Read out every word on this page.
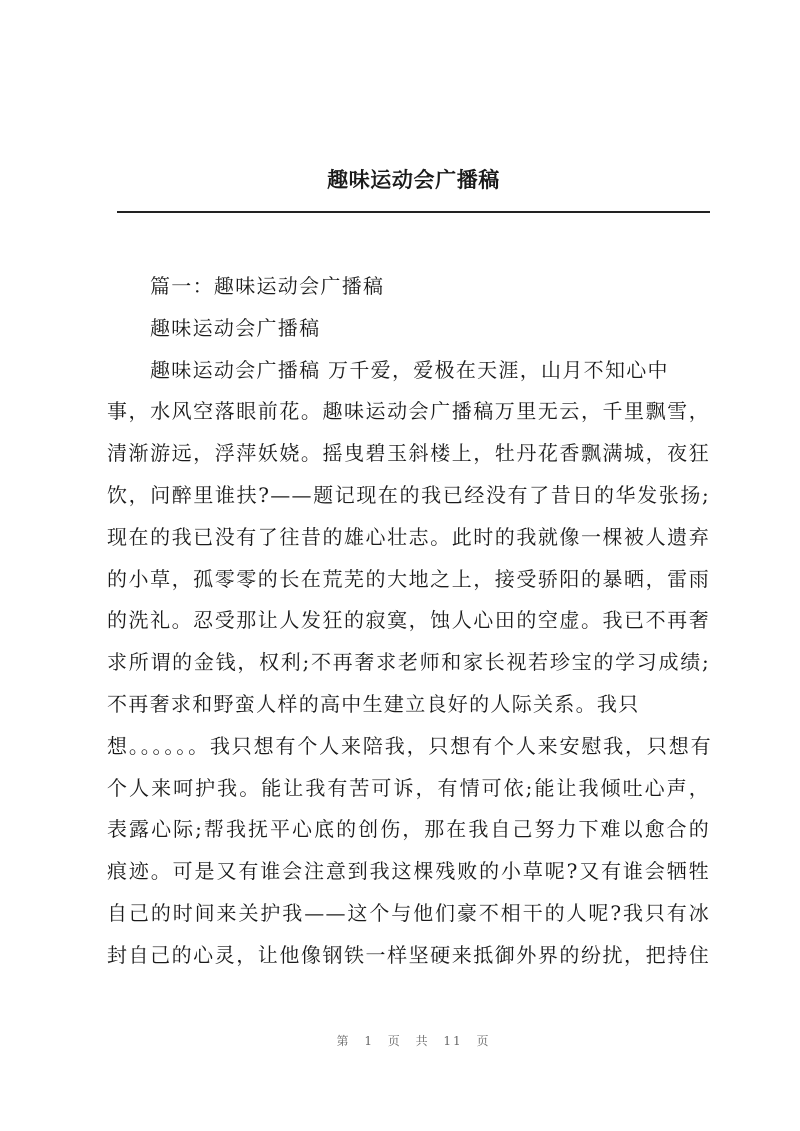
趣味运动会广播稿
篇一：趣味运动会广播稿
趣味运动会广播稿
趣味运动会广播稿 万千爱，爱极在天涯，山月不知心中
事，水风空落眼前花。趣味运动会广播稿万里无云，千里飘雪，
清渐游远，浮萍妖娆。摇曳碧玉斜楼上，牡丹花香飘满城，夜狂
饮，问醉里谁扶?——题记现在的我已经没有了昔日的华发张扬;
现在的我已没有了往昔的雄心壮志。此时的我就像一棵被人遗弃
的小草，孤零零的长在荒芜的大地之上，接受骄阳的暴晒，雷雨
的洗礼。忍受那让人发狂的寂寞，蚀人心田的空虚。我已不再奢
求所谓的金钱，权利;不再奢求老师和家长视若珍宝的学习成绩;
不再奢求和野蛮人样的高中生建立良好的人际关系。我只
想。。。。。。我只想有个人来陪我，只想有个人来安慰我，只想有
个人来呵护我。能让我有苦可诉，有情可依;能让我倾吐心声，
表露心际;帮我抚平心底的创伤，那在我自己努力下难以愈合的
痕迹。可是又有谁会注意到我这棵残败的小草呢?又有谁会牺牲
自己的时间来关护我——这个与他们豪不相干的人呢?我只有冰
封自己的心灵，让他像钢铁一样坚硬来抵御外界的纷扰，把持住
第 1 页 共 11 页
